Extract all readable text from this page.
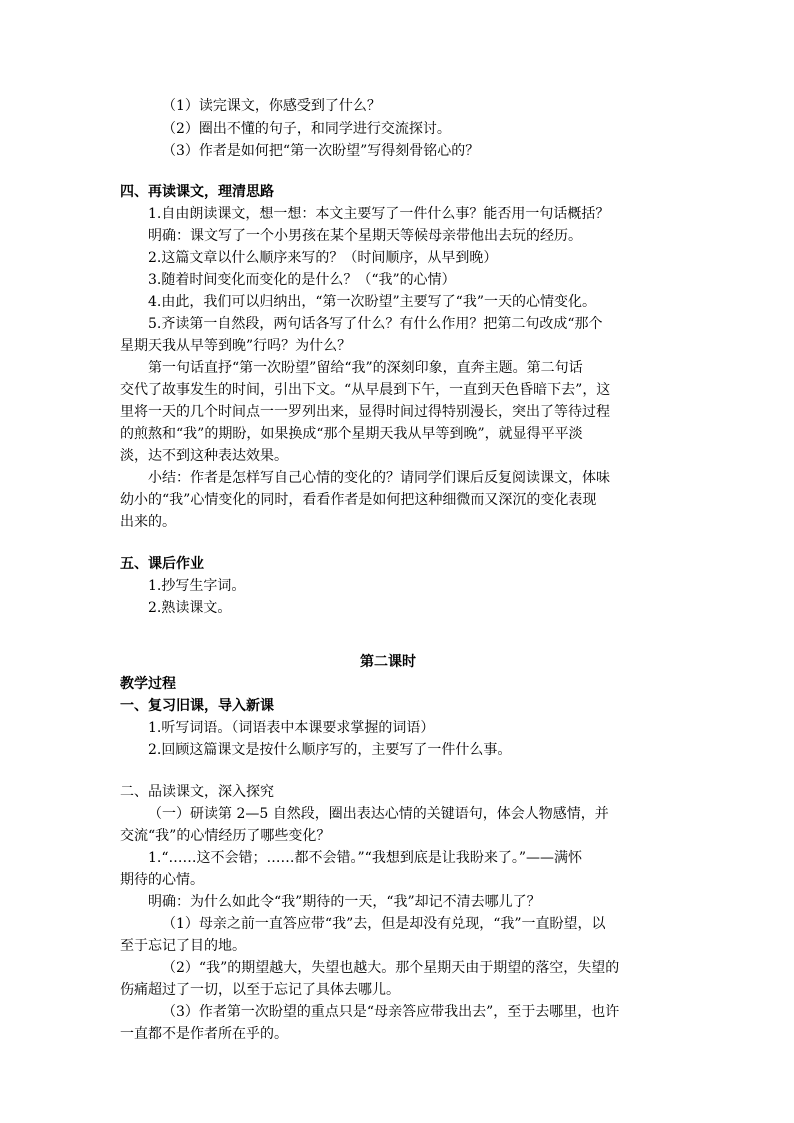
（1）读完课文，你感受到了什么？
（2）圈出不懂的句子，和同学进行交流探讨。
（3）作者是如何把“第一次盼望”写得刻骨铭心的？
四、再读课文，理清思路
1.自由朗读课文，想一想：本文主要写了一件什么事？能否用一句话概括？
明确：课文写了一个小男孩在某个星期天等候母亲带他出去玩的经历。
2.这篇文章以什么顺序来写的？（时间顺序，从早到晚）
3.随着时间变化而变化的是什么？（“我”的心情）
4.由此，我们可以归纳出，“第一次盼望”主要写了“我”一天的心情变化。
5.齐读第一自然段，两句话各写了什么？有什么作用？把第二句改成“那个
星期天我从早等到晚”行吗？为什么？
第一句话直抒“第一次盼望”留给“我”的深刻印象，直奔主题。第二句话
交代了故事发生的时间，引出下文。“从早晨到下午，一直到天色昏暗下去”，这
里将一天的几个时间点一一罗列出来，显得时间过得特别漫长，突出了等待过程
的煎熬和“我”的期盼，如果换成“那个星期天我从早等到晚”，就显得平平淡
淡，达不到这种表达效果。
小结：作者是怎样写自己心情的变化的？请同学们课后反复阅读课文，体味
幼小的“我”心情变化的同时，看看作者是如何把这种细微而又深沉的变化表现
出来的。
五、课后作业
1.抄写生字词。
2.熟读课文。
第二课时
教学过程
一、复习旧课，导入新课
1.听写词语。（词语表中本课要求掌握的词语）
2.回顾这篇课文是按什么顺序写的，主要写了一件什么事。
二、品读课文，深入探究
（一）研读第 2—5 自然段，圈出表达心情的关键语句，体会人物感情，并
交流“我”的心情经历了哪些变化？
1.“……这不会错；……都不会错。”“我想到底是让我盼来了。”——满怀
期待的心情。
明确：为什么如此令“我”期待的一天，“我”却记不清去哪儿了？
（1）母亲之前一直答应带“我”去，但是却没有兑现，“我”一直盼望，以
至于忘记了目的地。
（2）“我”的期望越大，失望也越大。那个星期天由于期望的落空，失望的
伤痛超过了一切，以至于忘记了具体去哪儿。
（3）作者第一次盼望的重点只是“母亲答应带我出去”，至于去哪里，也许
一直都不是作者所在乎的。
